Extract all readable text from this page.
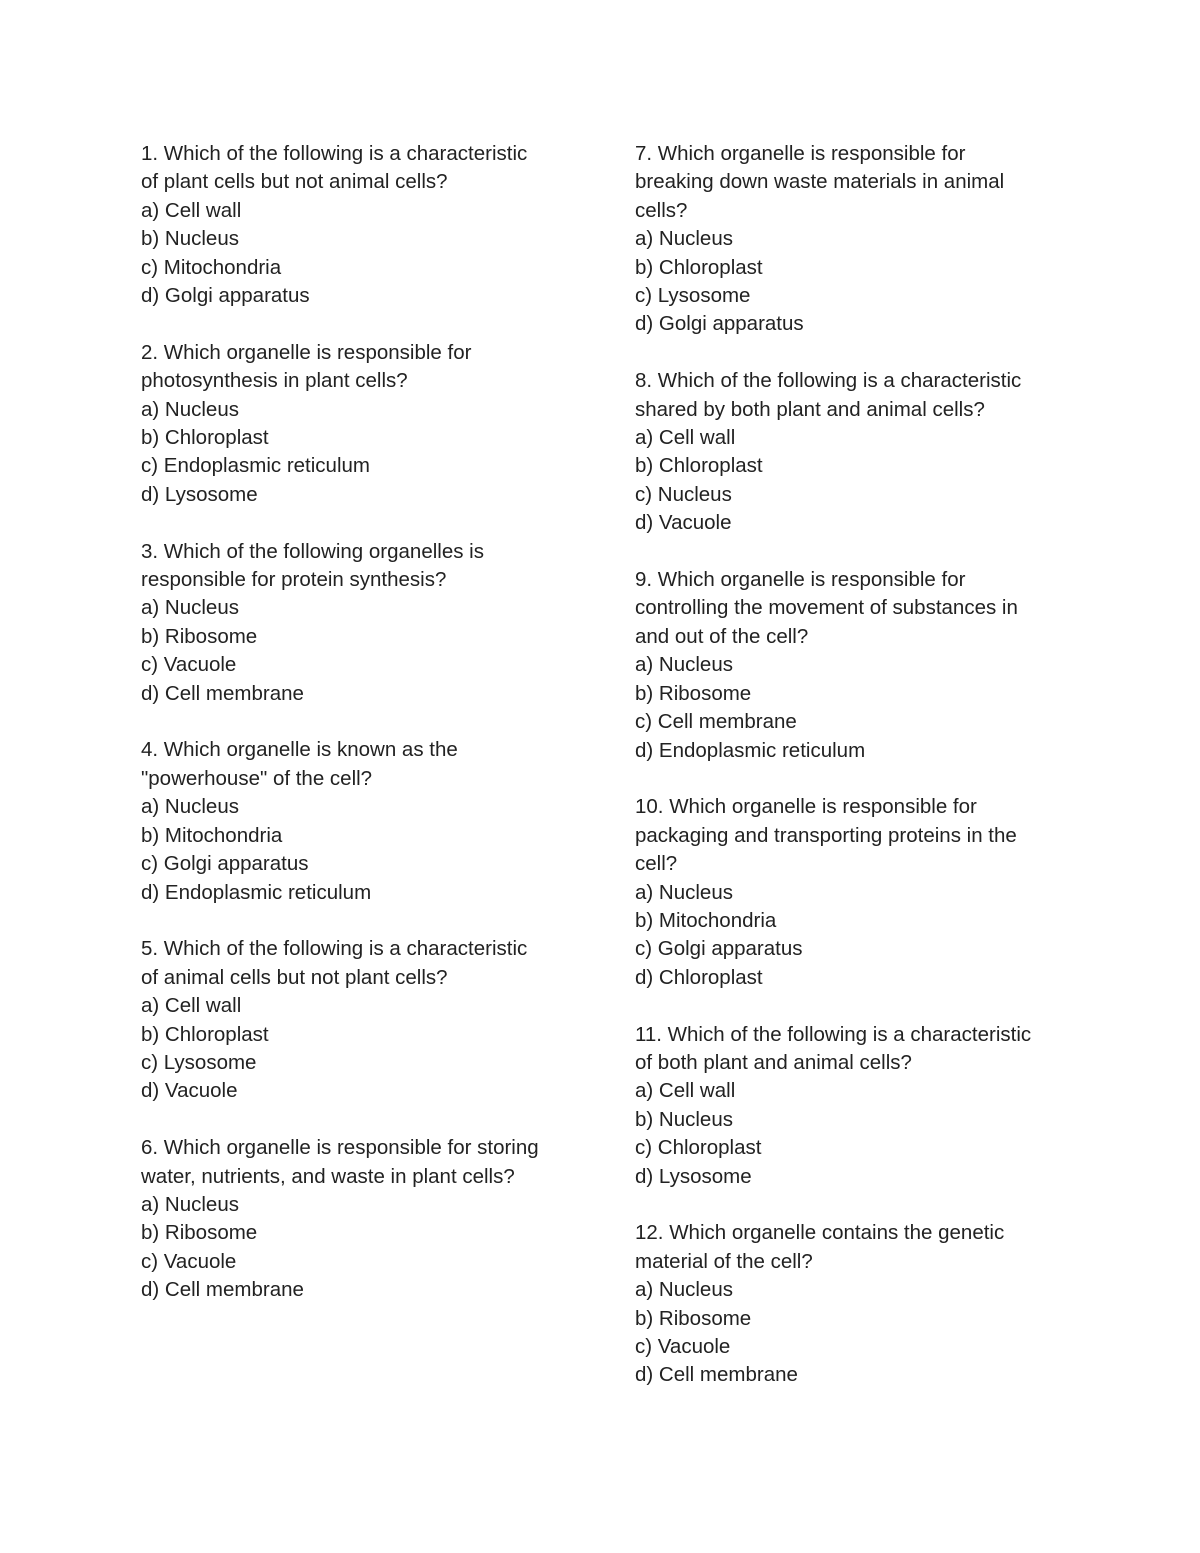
1. Which of the following is a characteristic
of plant cells but not animal cells?
a) Cell wall
b) Nucleus
c) Mitochondria
d) Golgi apparatus
2. Which organelle is responsible for
photosynthesis in plant cells?
a) Nucleus
b) Chloroplast
c) Endoplasmic reticulum
d) Lysosome
3. Which of the following organelles is
responsible for protein synthesis?
a) Nucleus
b) Ribosome
c) Vacuole
d) Cell membrane
4. Which organelle is known as the
"powerhouse" of the cell?
a) Nucleus
b) Mitochondria
c) Golgi apparatus
d) Endoplasmic reticulum
5. Which of the following is a characteristic
of animal cells but not plant cells?
a) Cell wall
b) Chloroplast
c) Lysosome
d) Vacuole
6. Which organelle is responsible for storing
water, nutrients, and waste in plant cells?
a) Nucleus
b) Ribosome
c) Vacuole
d) Cell membrane
7. Which organelle is responsible for
breaking down waste materials in animal
cells?
a) Nucleus
b) Chloroplast
c) Lysosome
d) Golgi apparatus
8. Which of the following is a characteristic
shared by both plant and animal cells?
a) Cell wall
b) Chloroplast
c) Nucleus
d) Vacuole
9. Which organelle is responsible for
controlling the movement of substances in
and out of the cell?
a) Nucleus
b) Ribosome
c) Cell membrane
d) Endoplasmic reticulum
10. Which organelle is responsible for
packaging and transporting proteins in the
cell?
a) Nucleus
b) Mitochondria
c) Golgi apparatus
d) Chloroplast
11. Which of the following is a characteristic
of both plant and animal cells?
a) Cell wall
b) Nucleus
c) Chloroplast
d) Lysosome
12. Which organelle contains the genetic
material of the cell?
a) Nucleus
b) Ribosome
c) Vacuole
d) Cell membrane
